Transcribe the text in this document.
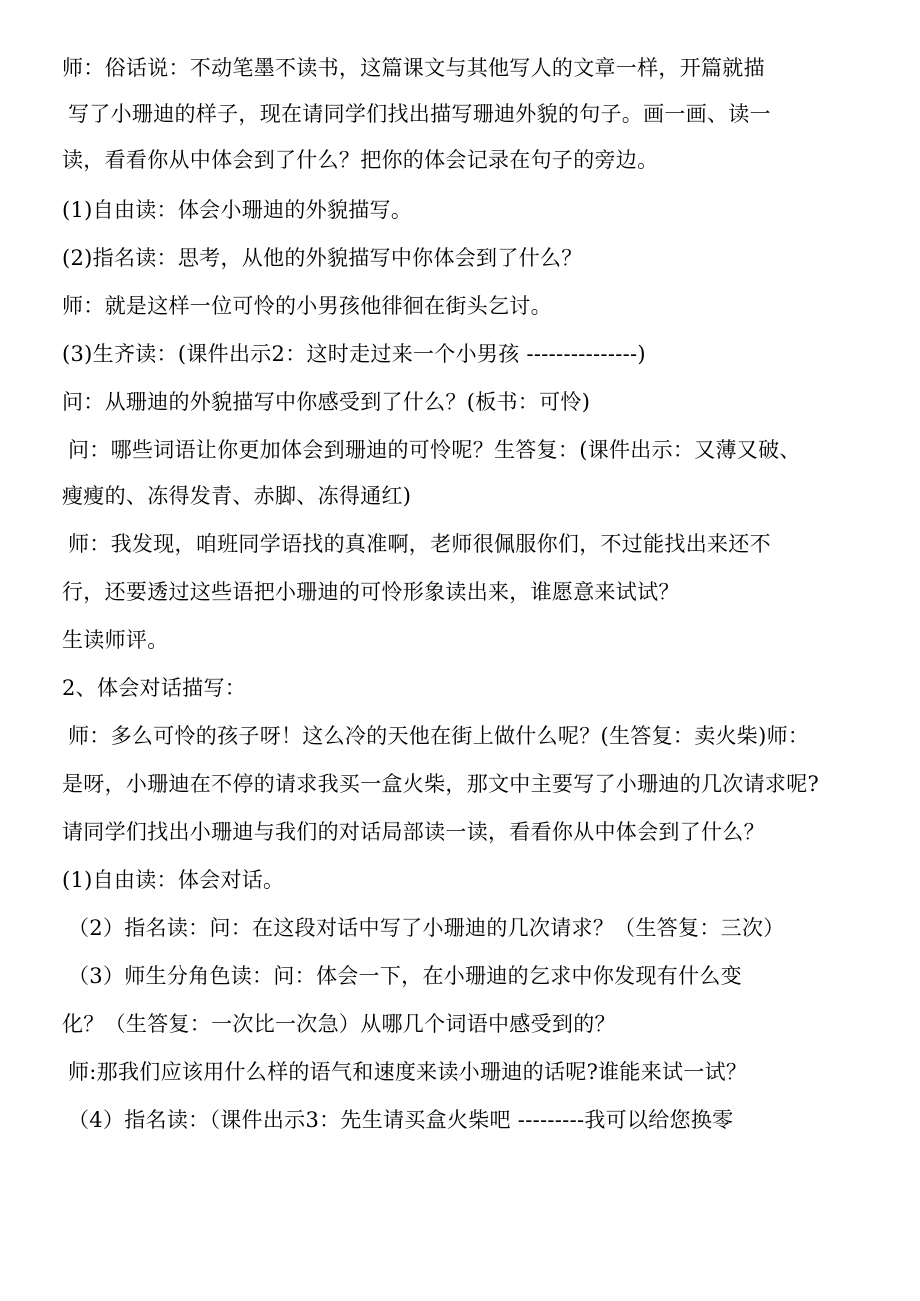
师：俗话说：不动笔墨不读书，这篇课文与其他写人的文章一样，开篇就描
写了小珊迪的样子，现在请同学们找出描写珊迪外貌的句子。画一画、读一
读，看看你从中体会到了什么？把你的体会记录在句子的旁边。
(1)自由读：体会小珊迪的外貌描写。
(2)指名读：思考，从他的外貌描写中你体会到了什么？
师：就是这样一位可怜的小男孩他徘徊在街头乞讨。
(3)生齐读：(课件出示2：这时走过来一个小男孩 ---------------)
问：从珊迪的外貌描写中你感受到了什么？(板书：可怜)
问：哪些词语让你更加体会到珊迪的可怜呢？生答复：(课件出示：又薄又破、
瘦瘦的、冻得发青、赤脚、冻得通红)
师：我发现，咱班同学语找的真准啊，老师很佩服你们，不过能找出来还不
行，还要透过这些语把小珊迪的可怜形象读出来，谁愿意来试试？
生读师评。
2、体会对话描写：
师：多么可怜的孩子呀！这么冷的天他在街上做什么呢？(生答复：卖火柴)师：
是呀，小珊迪在不停的请求我买一盒火柴，那文中主要写了小珊迪的几次请求呢?
请同学们找出小珊迪与我们的对话局部读一读，看看你从中体会到了什么？
(1)自由读：体会对话。
（2）指名读：问：在这段对话中写了小珊迪的几次请求？（生答复：三次）
（3）师生分角色读：问：体会一下，在小珊迪的乞求中你发现有什么变
化？（生答复：一次比一次急）从哪几个词语中感受到的？
师:那我们应该用什么样的语气和速度来读小珊迪的话呢?谁能来试一试？
（4）指名读：（课件出示3：先生请买盒火柴吧 ---------我可以给您换零
